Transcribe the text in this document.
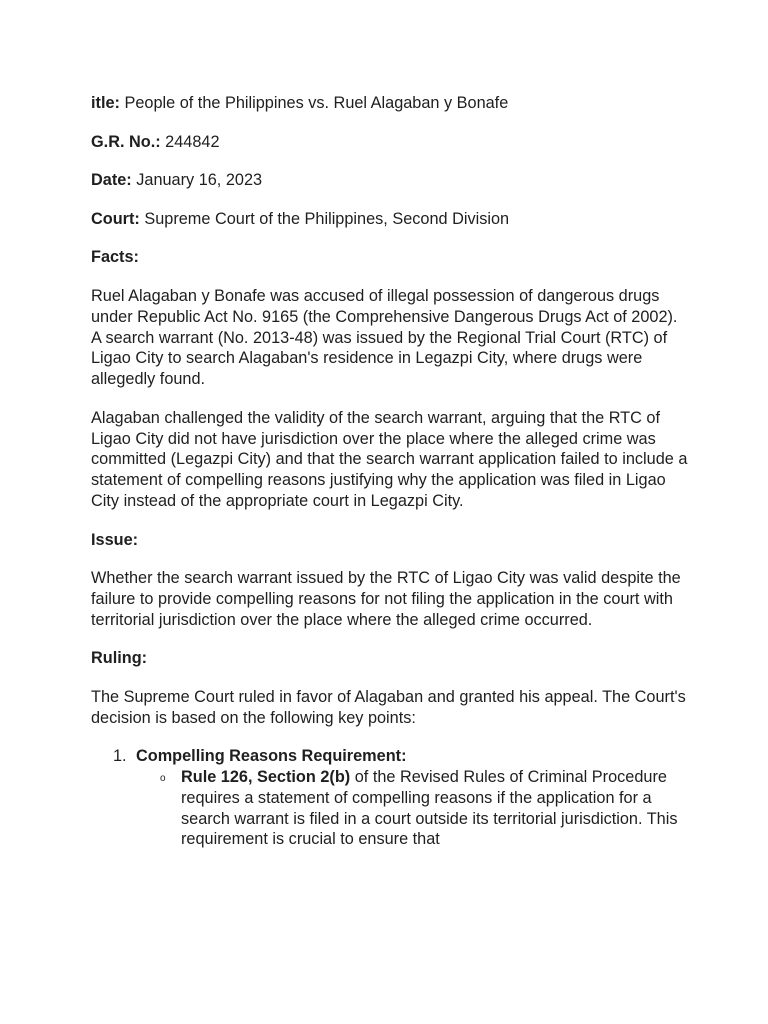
itle: People of the Philippines vs. Ruel Alagaban y Bonafe

G.R. No.: 244842

Date: January 16, 2023

Court: Supreme Court of the Philippines, Second Division

Facts:

Ruel Alagaban y Bonafe was accused of illegal possession of dangerous drugs under Republic Act No. 9165 (the Comprehensive Dangerous Drugs Act of 2002). A search warrant (No. 2013-48) was issued by the Regional Trial Court (RTC) of Ligao City to search Alagaban's residence in Legazpi City, where drugs were allegedly found.

Alagaban challenged the validity of the search warrant, arguing that the RTC of Ligao City did not have jurisdiction over the place where the alleged crime was committed (Legazpi City) and that the search warrant application failed to include a statement of compelling reasons justifying why the application was filed in Ligao City instead of the appropriate court in Legazpi City.

Issue:

Whether the search warrant issued by the RTC of Ligao City was valid despite the failure to provide compelling reasons for not filing the application in the court with territorial jurisdiction over the place where the alleged crime occurred.

Ruling:

The Supreme Court ruled in favor of Alagaban and granted his appeal. The Court's decision is based on the following key points:

1. Compelling Reasons Requirement:
o Rule 126, Section 2(b) of the Revised Rules of Criminal Procedure requires a statement of compelling reasons if the application for a search warrant is filed in a court outside its territorial jurisdiction. This requirement is crucial to ensure that
